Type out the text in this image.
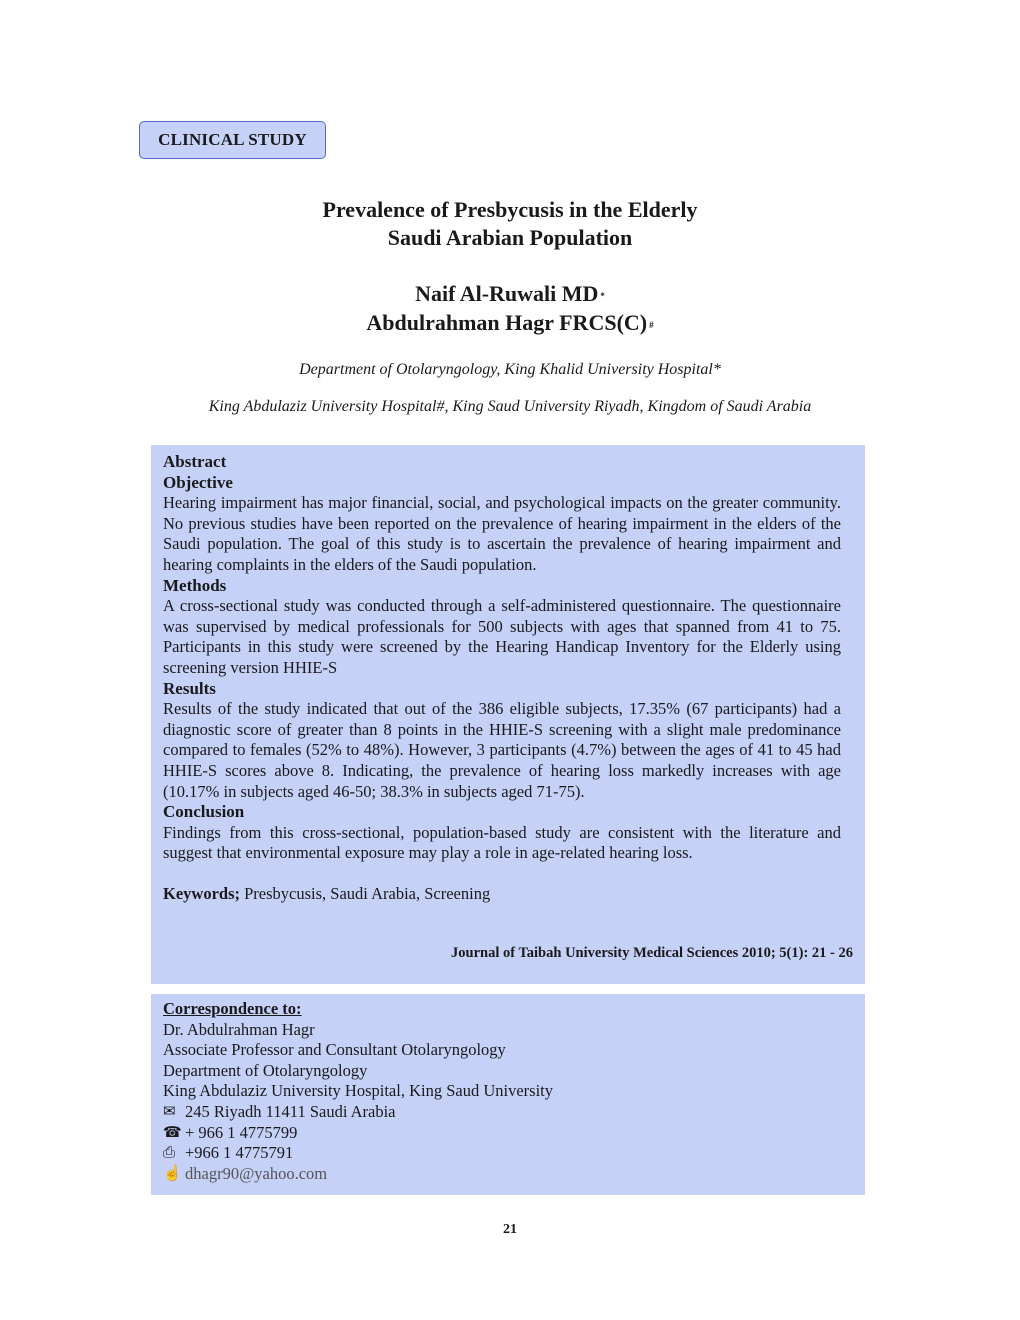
CLINICAL STUDY
Prevalence of Presbycusis in the Elderly
Saudi Arabian Population
Naif Al-Ruwali MD *
Abdulrahman Hagr FRCS(C) #
Department of Otolaryngology, King Khalid University Hospital*
King Abdulaziz University Hospital#, King Saud University Riyadh, Kingdom of Saudi Arabia
Abstract
Objective

Hearing impairment has major financial, social, and psychological impacts on the greater community. No previous studies have been reported on the prevalence of hearing impairment in the elders of the Saudi population. The goal of this study is to ascertain the prevalence of hearing impairment and hearing complaints in the elders of the Saudi population.

Methods

A cross-sectional study was conducted through a self-administered questionnaire. The questionnaire was supervised by medical professionals for 500 subjects with ages that spanned from 41 to 75. Participants in this study were screened by the Hearing Handicap Inventory for the Elderly using screening version HHIE-S

Results

Results of the study indicated that out of the 386 eligible subjects, 17.35% (67 participants) had a diagnostic score of greater than 8 points in the HHIE-S screening with a slight male predominance compared to females (52% to 48%). However, 3 participants (4.7%) between the ages of 41 to 45 had HHIE-S scores above 8. Indicating, the prevalence of hearing loss markedly increases with age (10.17% in subjects aged 46-50; 38.3% in subjects aged 71-75).

Conclusion

Findings from this cross-sectional, population-based study are consistent with the literature and suggest that environmental exposure may play a role in age-related hearing loss.

Keywords; Presbycusis, Saudi Arabia, Screening

Journal of Taibah University Medical Sciences 2010; 5(1): 21 - 26
Correspondence to:
Dr. Abdulrahman Hagr
Associate Professor and Consultant Otolaryngology
Department of Otolaryngology
King Abdulaziz University Hospital, King Saud University
✉ 245 Riyadh 11411 Saudi Arabia
☎ + 966 1 4775799
⎙ +966 1 4775791
☝ dhagr90@yahoo.com
21
